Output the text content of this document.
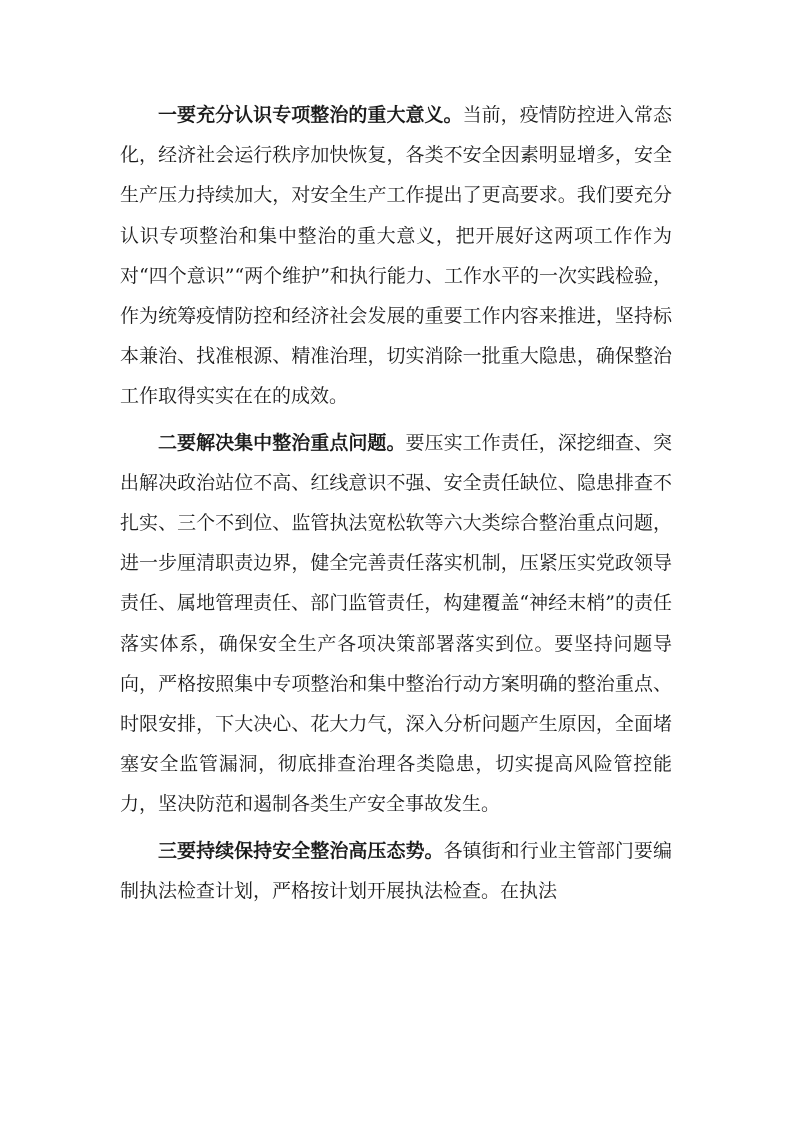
一要充分认识专项整治的重大意义。当前，疫情防控进入常态化，经济社会运行秩序加快恢复，各类不安全因素明显增多，安全生产压力持续加大，对安全生产工作提出了更高要求。我们要充分认识专项整治和集中整治的重大意义，把开展好这两项工作作为对“四个意识”“两个维护”和执行能力、工作水平的一次实践检验，作为统筹疫情防控和经济社会发展的重要工作内容来推进，坚持标本兼治、找准根源、精准治理，切实消除一批重大隐患，确保整治工作取得实实在在的成效。

二要解决集中整治重点问题。要压实工作责任，深挖细查、突出解决政治站位不高、红线意识不强、安全责任缺位、隐患排查不扎实、三个不到位、监管执法宽松软等六大类综合整治重点问题，进一步厘清职责边界，健全完善责任落实机制，压紧压实党政领导责任、属地管理责任、部门监管责任，构建覆盖“神经末梢”的责任落实体系，确保安全生产各项决策部署落实到位。要坚持问题导向，严格按照集中专项整治和集中整治行动方案明确的整治重点、时限安排，下大决心、花大力气，深入分析问题产生原因，全面堵塞安全监管漏洞，彻底排查治理各类隐患，切实提高风险管控能力，坚决防范和遏制各类生产安全事故发生。

三要持续保持安全整治高压态势。各镇街和行业主管部门要编制执法检查计划，严格按计划开展执法检查。在执法
